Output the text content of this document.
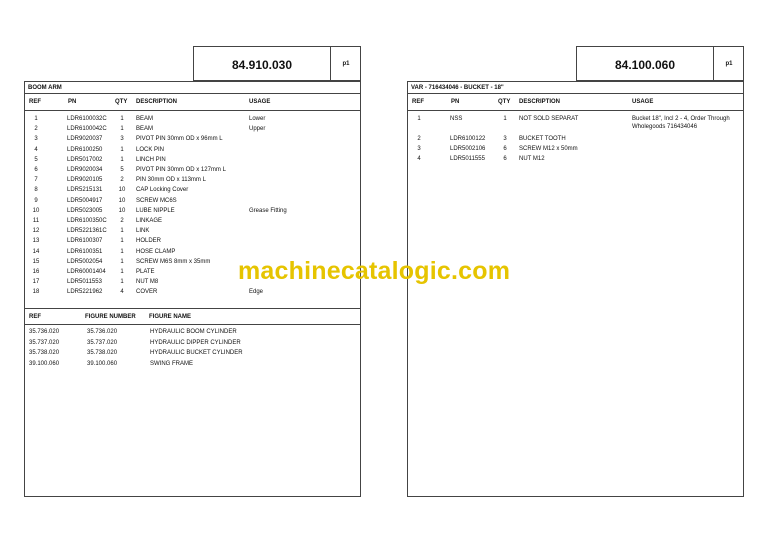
84.910.030	p1
BOOM ARM
REF	PN	QTY DESCRIPTION	USAGE
1	LDR6100032C	1	BEAM	Lower
2	LDR6100042C	1	BEAM	Upper
3	LDR9020037	3	PIVOT PIN 30mm OD x 96mm L
4	LDR6100250	1	LOCK PIN
5	LDR5017002	1	LINCH PIN
6	LDR9020034	5	PIVOT PIN 30mm OD x 127mm L
7	LDR9020105	2	PIN 30mm OD x 113mm L
8	LDR5215131	10 CAP Locking Cover
9	LDR5004917	10 SCREW MC6S
10	LDR5023005	10 LUBE NIPPLE	Grease Fitting
11	LDR6100350C	2	LINKAGE
12	LDR5221361C	1	LINK
13	LDR6100307	1	HOLDER
14	LDR6100351	1	HOSE CLAMP
15	LDR5002054	1	SCREW M6S 8mm x 35mm
16	LDR60001404	1	PLATE
17	LDR5011553	1	NUT M8
18	LDR5221962	4	COVER	Edge
REF	FIGURE NUMBER FIGURE NAME
35.736.020	35.736.020	HYDRAULIC BOOM CYLINDER
35.737.020	35.737.020	HYDRAULIC DIPPER CYLINDER
35.738.020	35.738.020	HYDRAULIC BUCKET CYLINDER
39.100.060	39.100.060	SWING FRAME
84.100.060	p1
VAR - 716434046 - BUCKET - 18"
REF	PN	QTY DESCRIPTION	USAGE
1	NSS	1	NOT SOLD SEPARAT	Bucket 18", Incl 2 - 4, Order Through
Wholegoods 716434046
2	LDR6100122	3	BUCKET TOOTH
3	LDR5002106	6	SCREW M12 x 50mm
4	LDR5011555	6	NUT M12
machinecatalogic.com
